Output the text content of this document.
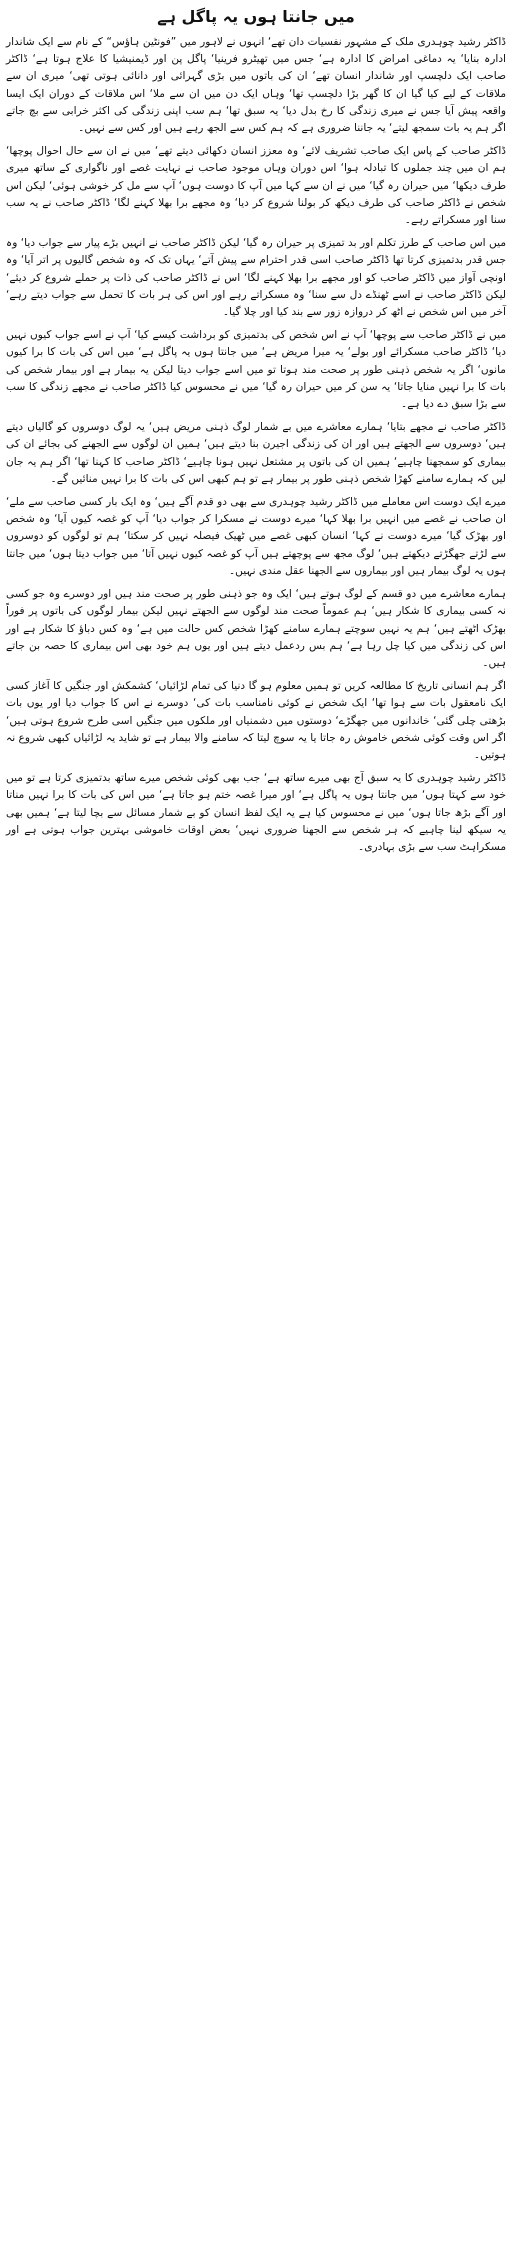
میں جانتا ہوں یہ پاگل ہے

ڈاکٹر رشید چوہدری ملک کے مشہور نفسیات دان تھے‘ انہوں نے لاہور میں ”فونٹین ہاؤس“ کے نام سے ایک شاندار ادارہ بنایا‘ یہ دماغی امراض کا ادارہ ہے‘ جس میں تھیٹرو فرینیا‘ پاگل پن اور ڈیمنیشیا کا علاج ہوتا ہے‘ ڈاکٹر صاحب ایک دلچسپ اور شاندار انسان تھے‘ ان کی باتوں میں بڑی گہرائی اور دانائی ہوتی تھی‘ میری ان سے ملاقات کے لیے کیا گیا ان کا گھر بڑا دلچسپ تھا‘ وہاں ایک دن میں ان سے ملا‘ اس ملاقات کے دوران ایک ایسا واقعہ پیش آیا جس نے میری زندگی کا رخ بدل دیا‘ یہ سبق تھا‘ ہم سب اپنی زندگی کی اکثر خرابی سے بچ جاتے اگر ہم یہ بات سمجھ لیتے‘ یہ جاننا ضروری ہے کہ ہم کس سے الجھ رہے ہیں اور کس سے نہیں۔

ڈاکٹر صاحب کے پاس ایک صاحب تشریف لائے‘ وہ معزز انسان دکھائی دیتے تھے‘ میں نے ان سے حال احوال پوچھا‘ ہم ان میں چند جملوں کا تبادلہ ہوا‘ اس دوران وہاں موجود صاحب نے نہایت غصے اور ناگواری کے ساتھ میری طرف دیکھا‘ میں حیران رہ گیا‘ میں نے ان سے کہا میں آپ کا دوست ہوں‘ آپ سے مل کر خوشی ہوئی‘ لیکن اس شخص نے ڈاکٹر صاحب کی طرف دیکھ کر بولنا شروع کر دیا‘ وہ مجھے برا بھلا کہنے لگا‘ ڈاکٹر صاحب نے یہ سب سنا اور مسکراتے رہے۔

میں اس صاحب کے طرز تکلم اور بد تمیزی پر حیران رہ گیا‘ لیکن ڈاکٹر صاحب نے انہیں بڑے پیار سے جواب دیا‘ وہ جس قدر بدتمیزی کرتا تھا ڈاکٹر صاحب اسی قدر احترام سے پیش آتے‘ یہاں تک کہ وہ شخص گالیوں پر اتر آیا‘ وہ اونچی آواز میں ڈاکٹر صاحب کو اور مجھے برا بھلا کہنے لگا‘ اس نے ڈاکٹر صاحب کی ذات پر حملے شروع کر دیئے‘ لیکن ڈاکٹر صاحب نے اسے ٹھنڈے دل سے سنا‘ وہ مسکراتے رہے اور اس کی ہر بات کا تحمل سے جواب دیتے رہے‘ آخر میں اس شخص نے اٹھ کر دروازہ زور سے بند کیا اور چلا گیا۔

میں نے ڈاکٹر صاحب سے پوچھا‘ آپ نے اس شخص کی بدتمیزی کو برداشت کیسے کیا‘ آپ نے اسے جواب کیوں نہیں دیا‘ ڈاکٹر صاحب مسکرائے اور بولے‘ یہ میرا مریض ہے‘ میں جانتا ہوں یہ پاگل ہے‘ میں اس کی بات کا برا کیوں مانوں‘ اگر یہ شخص ذہنی طور پر صحت مند ہوتا تو میں اسے جواب دیتا لیکن یہ بیمار ہے اور بیمار شخص کی بات کا برا نہیں منایا جاتا‘ یہ سن کر میں حیران رہ گیا‘ میں نے محسوس کیا ڈاکٹر صاحب نے مجھے زندگی کا سب سے بڑا سبق دے دیا ہے۔

ڈاکٹر صاحب نے مجھے بتایا‘ ہمارے معاشرے میں بے شمار لوگ ذہنی مریض ہیں‘ یہ لوگ دوسروں کو گالیاں دیتے ہیں‘ دوسروں سے الجھتے ہیں اور ان کی زندگی اجیرن بنا دیتے ہیں‘ ہمیں ان لوگوں سے الجھنے کی بجائے ان کی بیماری کو سمجھنا چاہیے‘ ہمیں ان کی باتوں پر مشتعل نہیں ہونا چاہیے‘ ڈاکٹر صاحب کا کہنا تھا‘ اگر ہم یہ جان لیں کہ ہمارے سامنے کھڑا شخص ذہنی طور پر بیمار ہے تو ہم کبھی اس کی بات کا برا نہیں منائیں گے۔

میرے ایک دوست اس معاملے میں ڈاکٹر رشید چوہدری سے بھی دو قدم آگے ہیں‘ وہ ایک بار کسی صاحب سے ملے‘ ان صاحب نے غصے میں انہیں برا بھلا کہا‘ میرے دوست نے مسکرا کر جواب دیا‘ آپ کو غصہ کیوں آیا‘ وہ شخص اور بھڑک گیا‘ میرے دوست نے کہا‘ انسان کبھی غصے میں ٹھیک فیصلہ نہیں کر سکتا‘ ہم تو لوگوں کو دوسروں سے لڑتے جھگڑتے دیکھتے ہیں‘ لوگ مجھ سے پوچھتے ہیں آپ کو غصہ کیوں نہیں آتا‘ میں جواب دیتا ہوں‘ میں جانتا ہوں یہ لوگ بیمار ہیں اور بیماروں سے الجھنا عقل مندی نہیں۔

ہمارے معاشرے میں دو قسم کے لوگ ہوتے ہیں‘ ایک وہ جو ذہنی طور پر صحت مند ہیں اور دوسرے وہ جو کسی نہ کسی بیماری کا شکار ہیں‘ ہم عموماً صحت مند لوگوں سے الجھتے نہیں لیکن بیمار لوگوں کی باتوں پر فوراً بھڑک اٹھتے ہیں‘ ہم یہ نہیں سوچتے ہمارے سامنے کھڑا شخص کس حالت میں ہے‘ وہ کس دباؤ کا شکار ہے اور اس کی زندگی میں کیا چل رہا ہے‘ ہم بس ردعمل دیتے ہیں اور یوں ہم خود بھی اس بیماری کا حصہ بن جاتے ہیں۔

اگر ہم انسانی تاریخ کا مطالعہ کریں تو ہمیں معلوم ہو گا دنیا کی تمام لڑائیاں‘ کشمکش اور جنگیں کا آغاز کسی ایک نامعقول بات سے ہوا تھا‘ ایک شخص نے کوئی نامناسب بات کی‘ دوسرے نے اس کا جواب دیا اور یوں بات بڑھتی چلی گئی‘ خاندانوں میں جھگڑے‘ دوستوں میں دشمنیاں اور ملکوں میں جنگیں اسی طرح شروع ہوتی ہیں‘ اگر اس وقت کوئی شخص خاموش رہ جاتا یا یہ سوچ لیتا کہ سامنے والا بیمار ہے تو شاید یہ لڑائیاں کبھی شروع نہ ہوتیں۔

ڈاکٹر رشید چوہدری کا یہ سبق آج بھی میرے ساتھ ہے‘ جب بھی کوئی شخص میرے ساتھ بدتمیزی کرتا ہے تو میں خود سے کہتا ہوں‘ میں جانتا ہوں یہ پاگل ہے‘ اور میرا غصہ ختم ہو جاتا ہے‘ میں اس کی بات کا برا نہیں مناتا اور آگے بڑھ جاتا ہوں‘ میں نے محسوس کیا ہے یہ ایک لفظ انسان کو بے شمار مسائل سے بچا لیتا ہے‘ ہمیں بھی یہ سیکھ لینا چاہیے کہ ہر شخص سے الجھنا ضروری نہیں‘ بعض اوقات خاموشی بہترین جواب ہوتی ہے اور مسکراہٹ سب سے بڑی بہادری۔
